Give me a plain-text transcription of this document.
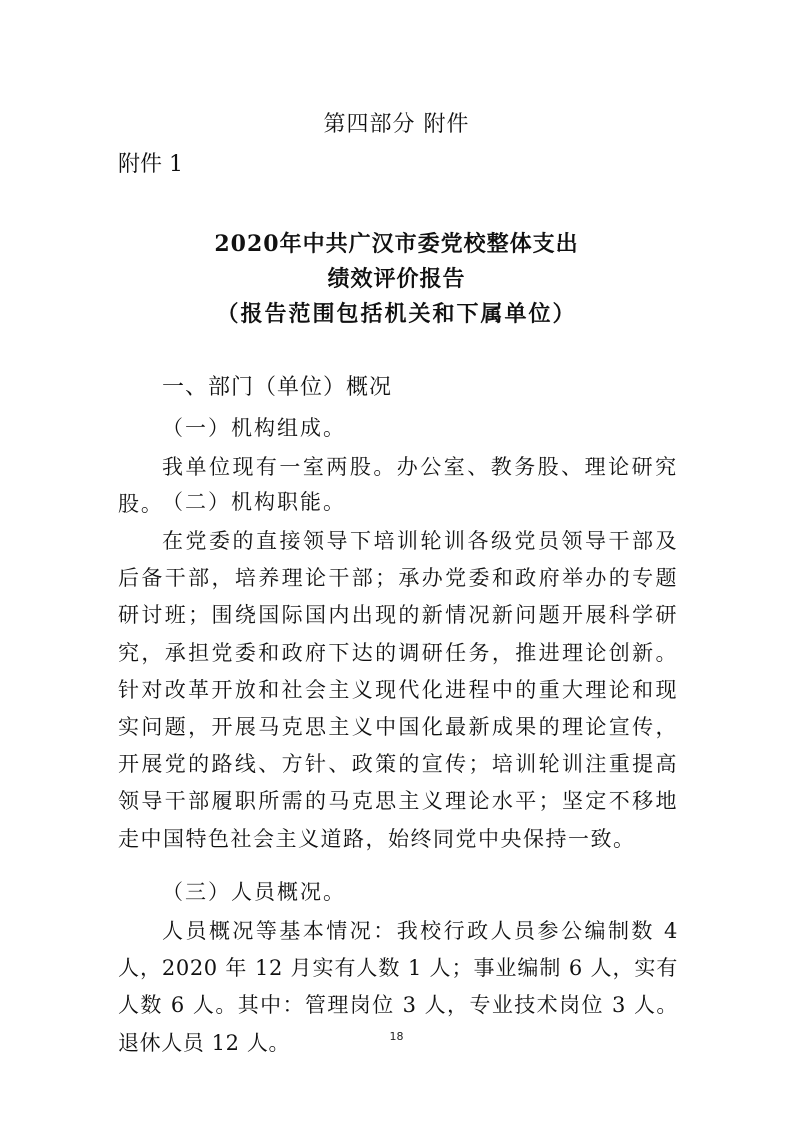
第四部分 附件
附件 1
2020年中共广汉市委党校整体支出
绩效评价报告
（报告范围包括机关和下属单位）
一、部门（单位）概况
（一）机构组成。
我单位现有一室两股。办公室、教务股、理论研究股。
（二）机构职能。
在党委的直接领导下培训轮训各级党员领导干部及后备干部，培养理论干部；承办党委和政府举办的专题研讨班；围绕国际国内出现的新情况新问题开展科学研究，承担党委和政府下达的调研任务，推进理论创新。针对改革开放和社会主义现代化进程中的重大理论和现实问题，开展马克思主义中国化最新成果的理论宣传，开展党的路线、方针、政策的宣传；培训轮训注重提高领导干部履职所需的马克思主义理论水平；坚定不移地走中国特色社会主义道路，始终同党中央保持一致。
（三）人员概况。
人员概况等基本情况：我校行政人员参公编制数 4 人，2020 年 12 月实有人数 1 人；事业编制 6 人，实有人数 6 人。其中：管理岗位 3 人，专业技术岗位 3 人。退休人员 12 人。	18
